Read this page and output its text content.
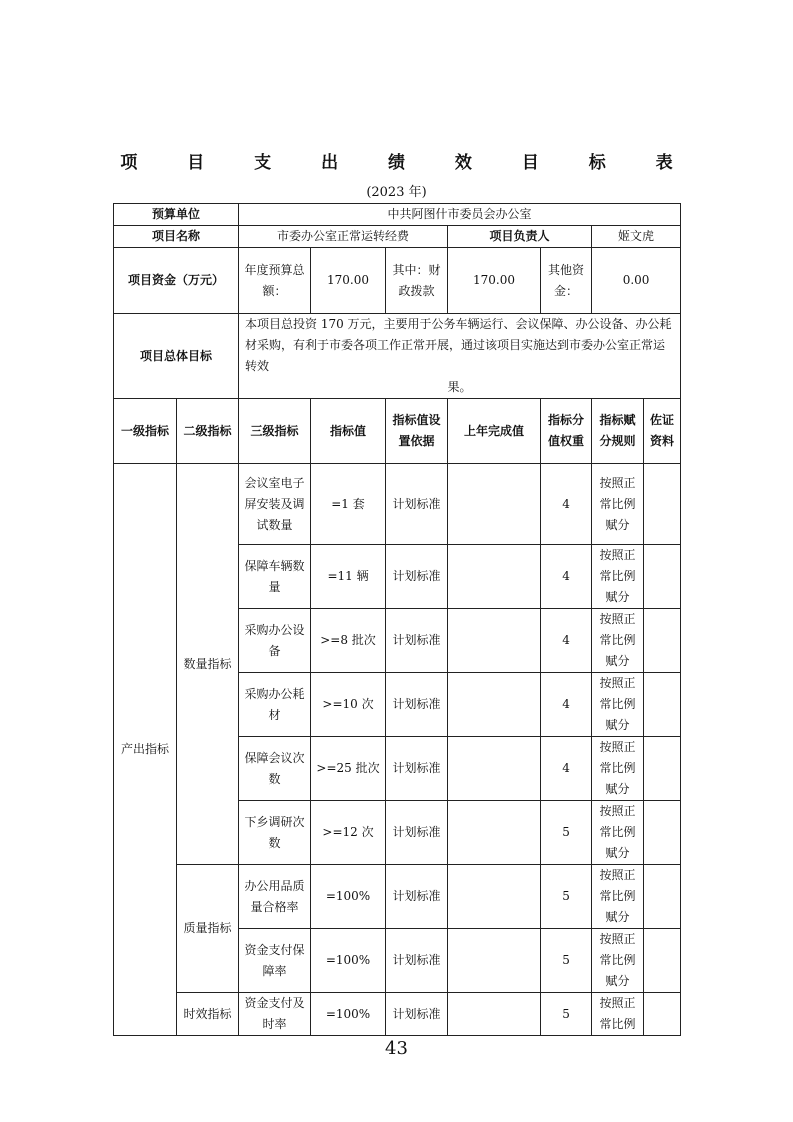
项 目 支 出 绩 效 目 标 表
(2023 年)
预算单位		中共阿图什市委员会办公室						
项目名称		市委办公室正常运转经费			项目负责人		姬文虎	
项目资金（万元）		年度预算总额：	170.00	其中：财政拨款	170.00	其他资金：	0.00	
项目总体目标		本项目总投资 170 万元，主要用于公务车辆运行、会议保障、办公设备、办公耗材采购，有利于市委各项工作正常开展，通过该项目实施达到市委办公室正常运转效
果。						

一级指标	二级指标	三级指标	指标值	指标值设置依据	上年完成值	指标分值权重	指标赋分规则	佐证资料
产出指标	数量指标	会议室电子屏安装及调试数量	=1 套	计划标准		4	按照正常比例赋分	
		保障车辆数量	=11 辆	计划标准		4	按照正常比例赋分	
		采购办公设备	>=8 批次	计划标准		4	按照正常比例赋分	
		采购办公耗材	>=10 次	计划标准		4	按照正常比例赋分	
		保障会议次数	>=25 批次	计划标准		4	按照正常比例赋分	
		下乡调研次数	>=12 次	计划标准		5	按照正常比例赋分	
	质量指标	办公用品质量合格率	=100%	计划标准		5	按照正常比例赋分	
		资金支付保障率	=100%	计划标准		5	按照正常比例赋分	
	时效指标	资金支付及时率	=100%	计划标准		5	按照正常比例	
43
